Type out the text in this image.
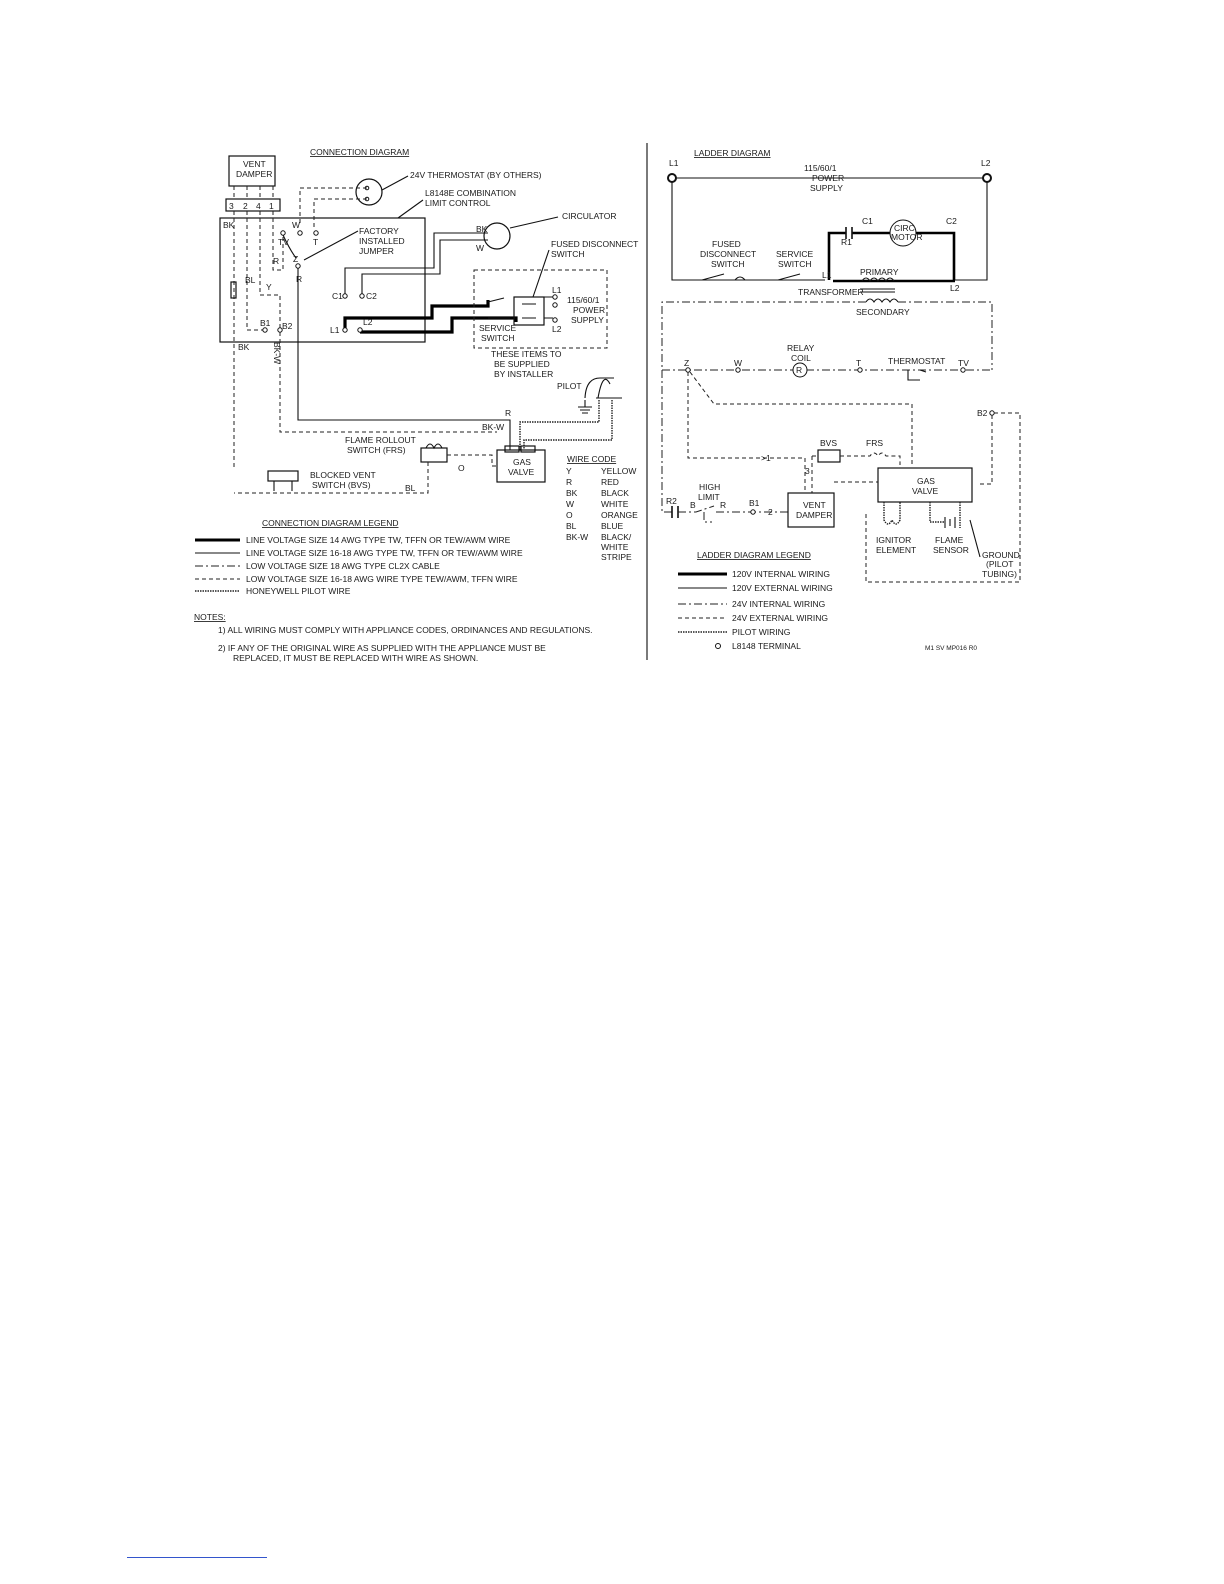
CONNECTION DIAGRAM
VENT
DAMPER
3 2 4 1
BK
24V THERMOSTAT (BY OTHERS)
L8148E COMBINATION
LIMIT CONTROL
W
TV	T
Z
R
R
FACTORY
INSTALLED
JUMPER
C1	C2
BK
W
CIRCULATOR
L1
L2
FUSED DISCONNECT
SWITCH
L1
L2
115/60/1
POWER
SUPPLY
SERVICE
SWITCH
THESE ITEMS TO
BE SUPPLIED
BY INSTALLER
BL
Y
B1 B2
BK	BK-W
R
BK-W
PILOT
FLAME ROLLOUT
SWITCH (FRS)
O
GAS
VALVE
BLOCKED VENT
SWITCH (BVS)	BL
WIRE CODE
Y	YELLOW
R	RED
BK	BLACK
W	WHITE
O	ORANGE
BL	BLUE
BK-W BLACK/
WHITE
STRIPE
CONNECTION DIAGRAM LEGEND
LINE VOLTAGE SIZE 14 AWG TYPE TW, TFFN OR TEW/AWM WIRE
LINE VOLTAGE SIZE 16-18 AWG TYPE TW, TFFN OR TEW/AWM WIRE
LOW VOLTAGE SIZE 18 AWG TYPE CL2X CABLE
LOW VOLTAGE SIZE 16-18 AWG WIRE TYPE TEW/AWM, TFFN WIRE
HONEYWELL PILOT WIRE
NOTES:
1) ALL WIRING MUST COMPLY WITH APPLIANCE CODES, ORDINANCES AND REGULATIONS.
2) IF ANY OF THE ORIGINAL WIRE AS SUPPLIED WITH THE APPLIANCE MUST BE
REPLACED, IT MUST BE REPLACED WITH WIRE AS SHOWN.
LADDER DIAGRAM
L1	L2
115/60/1
POWER
SUPPLY
FUSED
DISCONNECT
SWITCH
SERVICE
SWITCH
L1
L2
C1	C2
R1
CIRC
MOTOR
PRIMARY
TRANSFORMER
SECONDARY
Z	W
RELAY
COIL
R
T	THERMOSTAT TV
B2
>1
BVS	FRS
3
R2
HIGH
LIMIT
B	R	B1
2
VENT
DAMPER
GAS
VALVE
IGNITOR
ELEMENT
FLAME
SENSOR GROUND
(PILOT
TUBING)
LADDER DIAGRAM LEGEND
120V INTERNAL WIRING
120V EXTERNAL WIRING
24V INTERNAL WIRING
24V EXTERNAL WIRING
PILOT WIRING
L8148 TERMINAL	M1 SV MP016 R0
